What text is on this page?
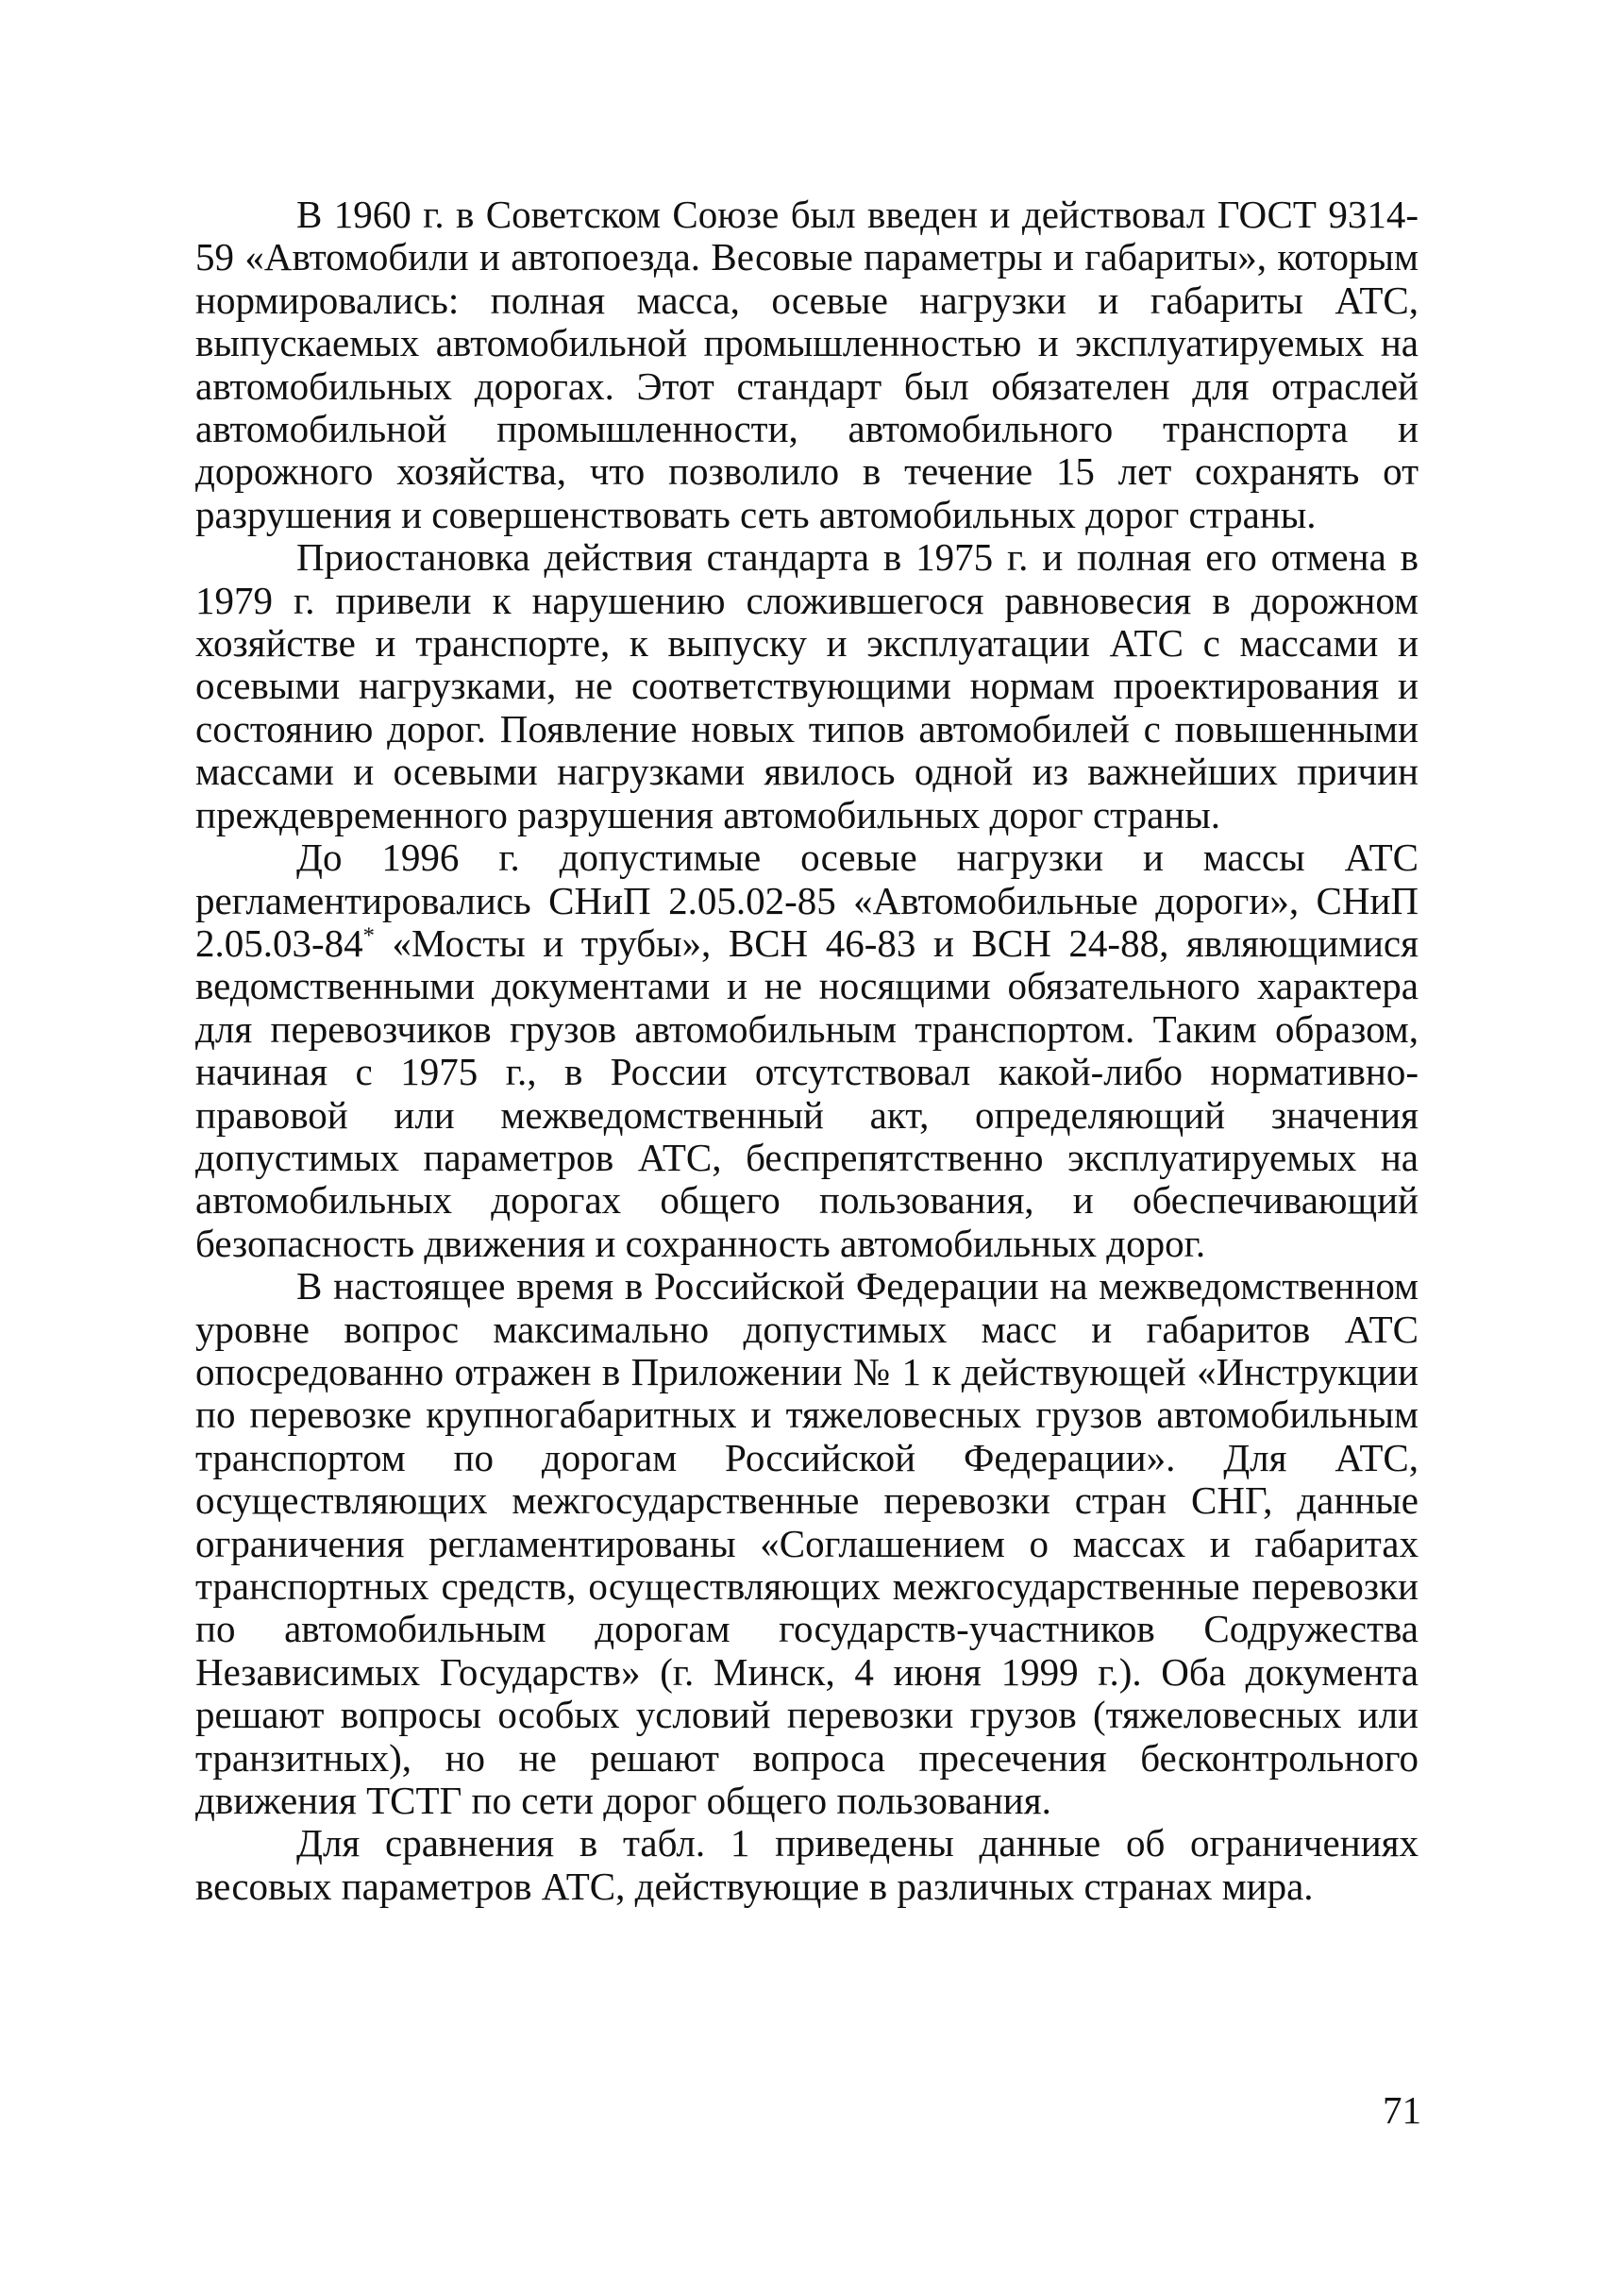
В 1960 г. в Советском Союзе был введен и действовал ГОСТ 9314-59 «Автомобили и автопоезда. Весовые параметры и габариты», которым нормировались: полная масса, осевые нагрузки и габариты АТС, выпускаемых автомобильной промышленностью и эксплуатируемых на автомобильных дорогах. Этот стандарт был обязателен для отраслей автомобильной промышленности, автомобильного транспорта и дорожного хозяйства, что позволило в течение 15 лет сохранять от разрушения и совершенствовать сеть автомобильных дорог страны.

Приостановка действия стандарта в 1975 г. и полная его отмена в 1979 г. привели к нарушению сложившегося равновесия в дорожном хозяйстве и транспорте, к выпуску и эксплуатации АТС с массами и осевыми нагрузками, не соответствующими нормам проектирования и состоянию дорог. Появление новых типов автомобилей с повышенными массами и осевыми нагрузками явилось одной из важнейших причин преждевременного разрушения автомобильных дорог страны.

До 1996 г. допустимые осевые нагрузки и массы АТС регламентировались СНиП 2.05.02-85 «Автомобильные дороги», СНиП 2.05.03-84* «Мосты и трубы», ВСН 46-83 и ВСН 24-88, являющимися ведомственными документами и не носящими обязательного характера для перевозчиков грузов автомобильным транспортом. Таким образом, начиная с 1975 г., в России отсутствовал какой-либо нормативно-правовой или межведомственный акт, определяющий значения допустимых параметров АТС, беспрепятственно эксплуатируемых на автомобильных дорогах общего пользования, и обеспечивающий безопасность движения и сохранность автомобильных дорог.

В настоящее время в Российской Федерации на межведомственном уровне вопрос максимально допустимых масс и габаритов АТС опосредованно отражен в Приложении № 1 к действующей «Инструкции по перевозке крупногабаритных и тяжеловесных грузов автомобильным транспортом по дорогам Российской Федерации». Для АТС, осуществляющих межгосударственные перевозки стран СНГ, данные ограничения регламентированы «Соглашением о массах и габаритах транспортных средств, осуществляющих межгосударственные перевозки по автомобильным дорогам государств-участников Содружества Независимых Государств» (г. Минск, 4 июня 1999 г.). Оба документа решают вопросы особых условий перевозки грузов (тяжеловесных или транзитных), но не решают вопроса пресечения бесконтрольного движения ТСТГ по сети дорог общего пользования.

Для сравнения в табл. 1 приведены данные об ограничениях весовых параметров АТС, действующие в различных странах мира.

71
